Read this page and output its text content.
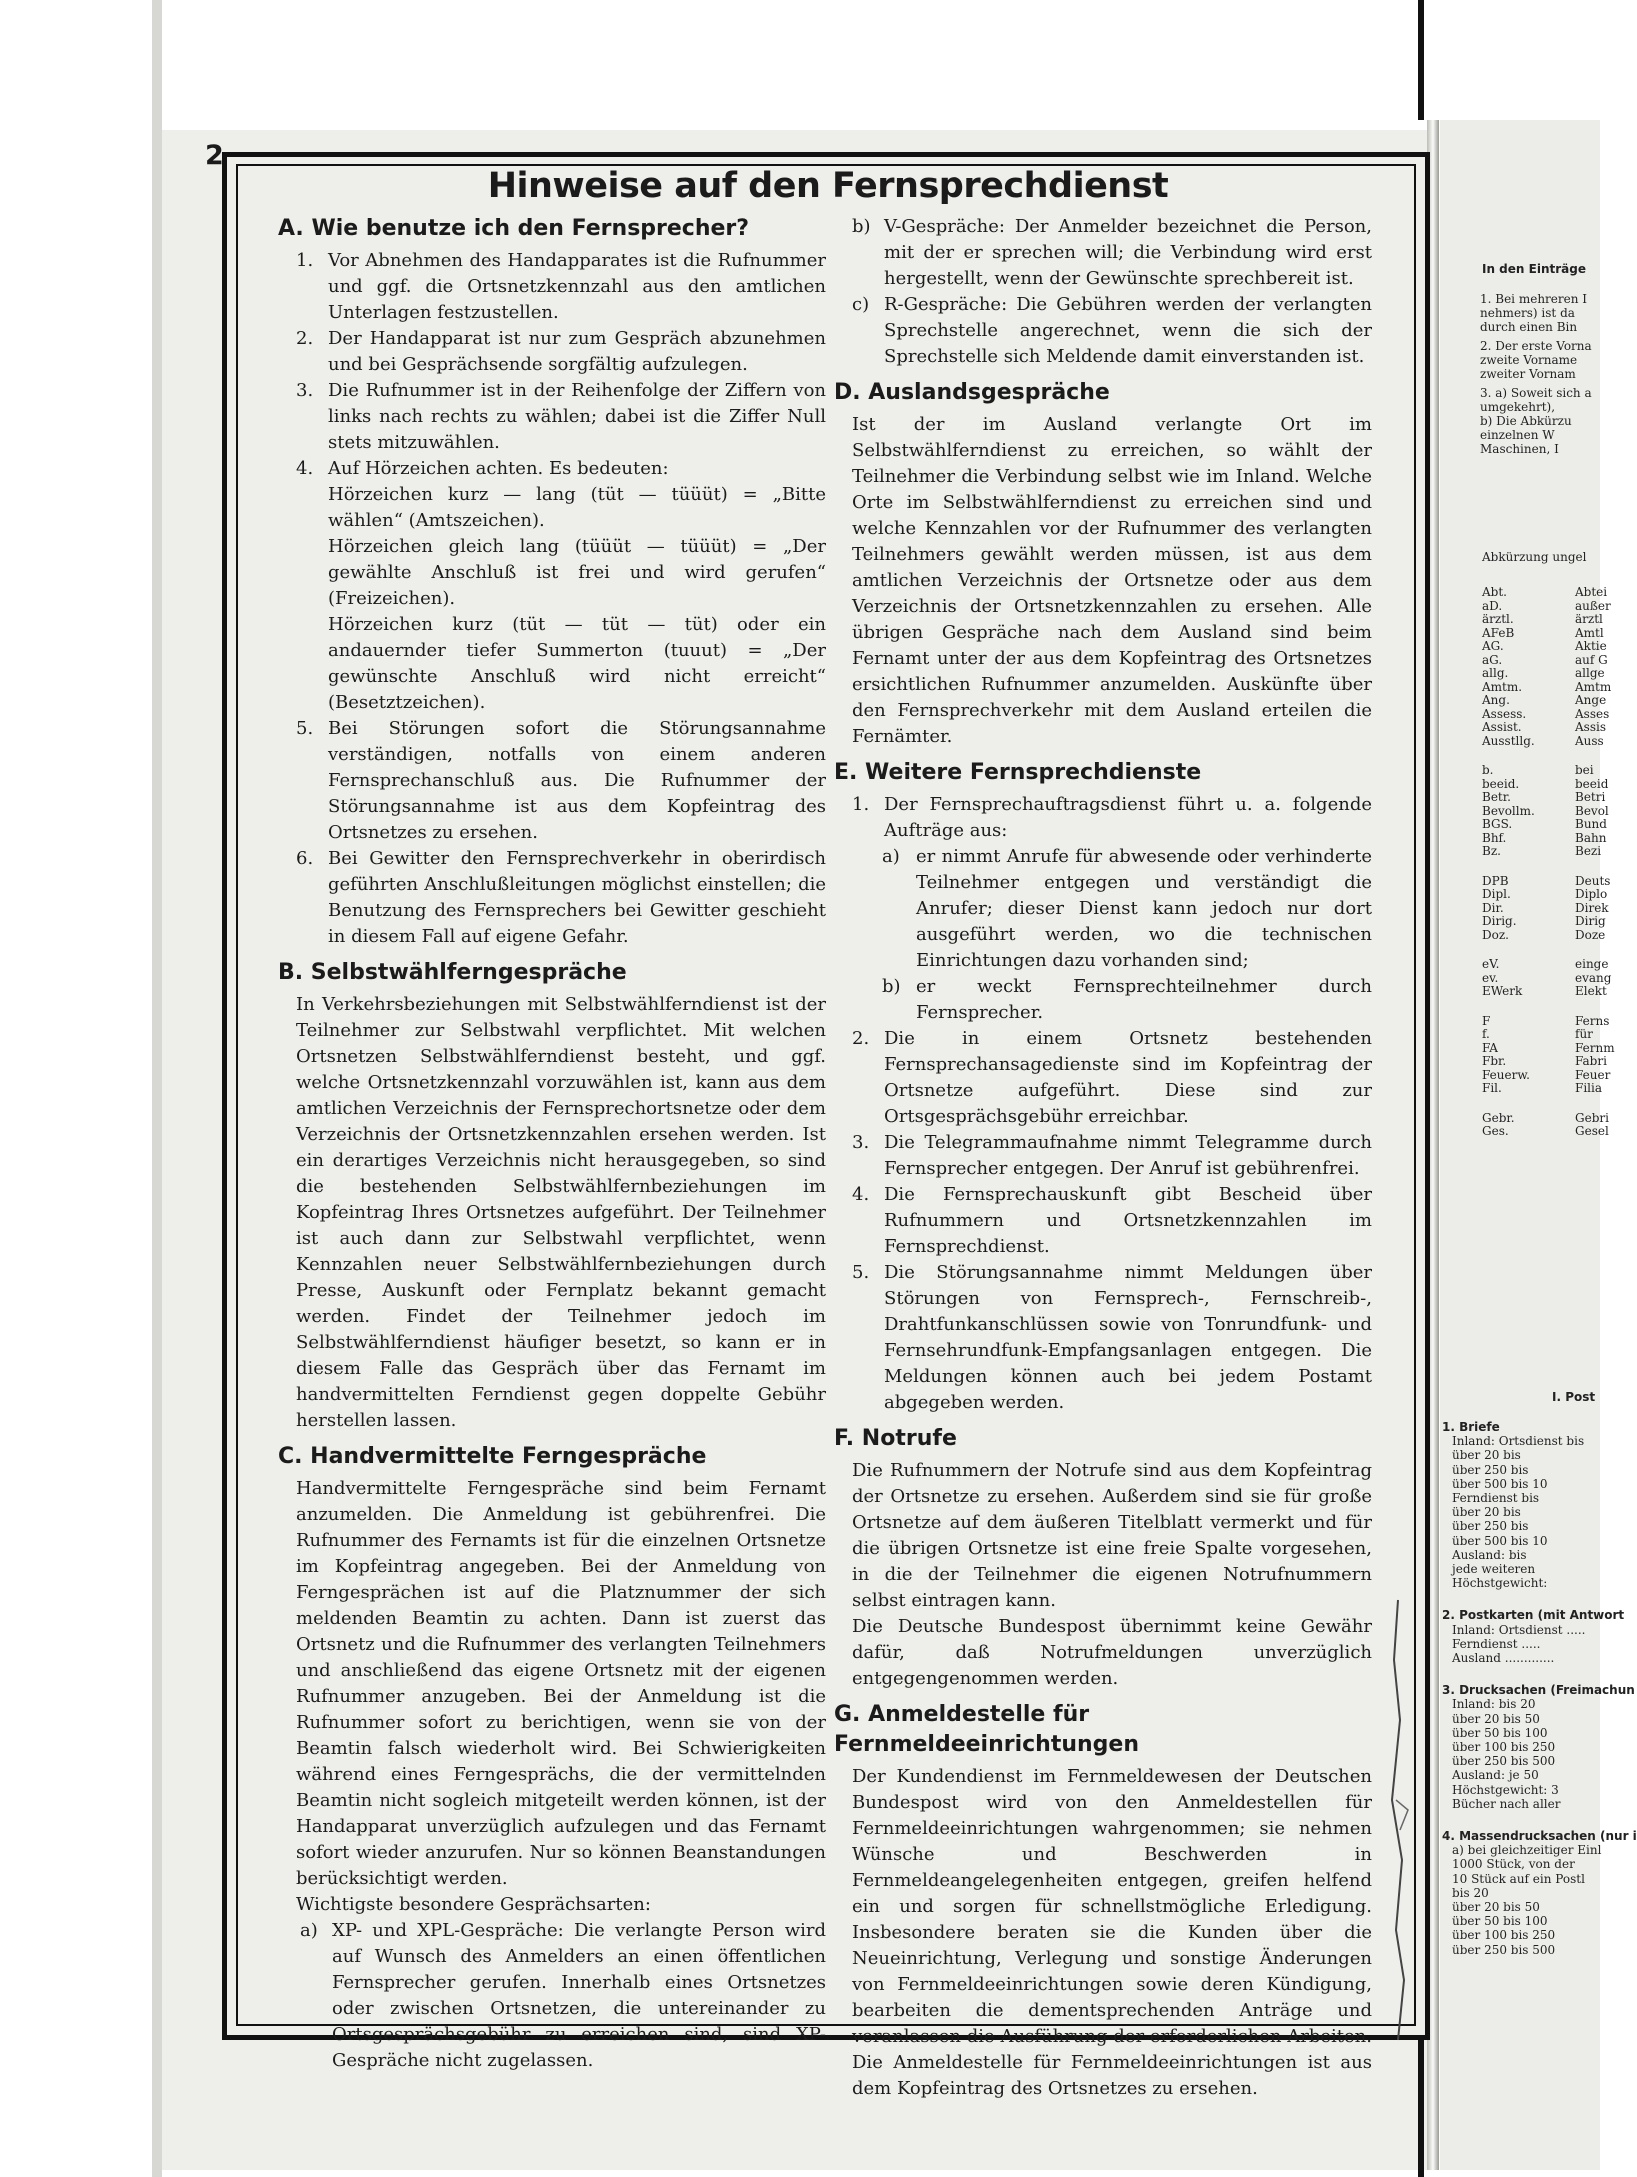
2
Hinweise auf den Fernsprechdienst
A. Wie benutze ich den Fernsprecher?
1. Vor Abnehmen des Handapparates ist die Rufnummer und ggf. die Ortsnetzkennzahl aus den amtlichen Unterlagen festzustellen.
2. Der Handapparat ist nur zum Gespräch abzunehmen und bei Gesprächsende sorgfältig aufzulegen.
3. Die Rufnummer ist in der Reihenfolge der Ziffern von links nach rechts zu wählen; dabei ist die Ziffer Null stets mitzuwählen.
4. Auf Hörzeichen achten. Es bedeuten:

Hörzeichen kurz — lang (tüt — tüüüt) = „Bitte wählen“ (Amtszeichen).

Hörzeichen gleich lang (tüüüt — tüüüt) = „Der gewählte Anschluß ist frei und wird gerufen“ (Freizeichen).

Hörzeichen kurz (tüt — tüt — tüt) oder ein andauernder tiefer Summerton (tuuut) = „Der gewünschte Anschluß wird nicht erreicht“ (Besetztzeichen).

5. Bei Störungen sofort die Störungsannahme verständigen, notfalls von einem anderen Fernsprechanschluß aus. Die Rufnummer der Störungsannahme ist aus dem Kopfeintrag des Ortsnetzes zu ersehen.
6. Bei Gewitter den Fernsprechverkehr in oberirdisch geführten Anschlußleitungen möglichst einstellen; die Benutzung des Fernsprechers bei Gewitter geschieht in diesem Fall auf eigene Gefahr.
B. Selbstwählferngespräche

In Verkehrsbeziehungen mit Selbstwählferndienst ist der Teilnehmer zur Selbstwahl verpflichtet. Mit welchen Ortsnetzen Selbstwählferndienst besteht, und ggf. welche Ortsnetzkennzahl vorzuwählen ist, kann aus dem amtlichen Verzeichnis der Fernsprechortsnetze oder dem Verzeichnis der Ortsnetzkennzahlen ersehen werden. Ist ein derartiges Verzeichnis nicht herausgegeben, so sind die bestehenden Selbstwählfernbeziehungen im Kopfeintrag Ihres Ortsnetzes aufgeführt. Der Teilnehmer ist auch dann zur Selbstwahl verpflichtet, wenn Kennzahlen neuer Selbstwählfernbeziehungen durch Presse, Auskunft oder Fernplatz bekannt gemacht werden. Findet der Teilnehmer jedoch im Selbstwählferndienst häufiger besetzt, so kann er in diesem Falle das Gespräch über das Fernamt im handvermittelten Ferndienst gegen doppelte Gebühr herstellen lassen.

C. Handvermittelte Ferngespräche

Handvermittelte Ferngespräche sind beim Fernamt anzumelden. Die Anmeldung ist gebührenfrei. Die Rufnummer des Fernamts ist für die einzelnen Ortsnetze im Kopfeintrag angegeben. Bei der Anmeldung von Ferngesprächen ist auf die Platznummer der sich meldenden Beamtin zu achten. Dann ist zuerst das Ortsnetz und die Rufnummer des verlangten Teilnehmers und anschließend das eigene Ortsnetz mit der eigenen Rufnummer anzugeben. Bei der Anmeldung ist die Rufnummer sofort zu berichtigen, wenn sie von der Beamtin falsch wiederholt wird. Bei Schwierigkeiten während eines Ferngesprächs, die der vermittelnden Beamtin nicht sogleich mitgeteilt werden können, ist der Handapparat unverzüglich aufzulegen und das Fernamt sofort wieder anzurufen. Nur so können Beanstandungen berücksichtigt werden.

Wichtigste besondere Gesprächsarten:

a) XP- und XPL-Gespräche: Die verlangte Person wird auf Wunsch des Anmelders an einen öffentlichen Fernsprecher gerufen. Innerhalb eines Ortsnetzes oder zwischen Ortsnetzen, die untereinander zu Ortsgesprächsgebühr zu erreichen sind, sind XP-Gespräche nicht zugelassen.
b) V-Gespräche: Der Anmelder bezeichnet die Person, mit der er sprechen will; die Verbindung wird erst hergestellt, wenn der Gewünschte sprechbereit ist.
c) R-Gespräche: Die Gebühren werden der verlangten Sprechstelle angerechnet, wenn die sich der Sprechstelle sich Meldende damit einverstanden ist.
D. Auslandsgespräche

Ist der im Ausland verlangte Ort im Selbstwählferndienst zu erreichen, so wählt der Teilnehmer die Verbindung selbst wie im Inland. Welche Orte im Selbstwählferndienst zu erreichen sind und welche Kennzahlen vor der Rufnummer des verlangten Teilnehmers gewählt werden müssen, ist aus dem amtlichen Verzeichnis der Ortsnetze oder aus dem Verzeichnis der Ortsnetzkennzahlen zu ersehen. Alle übrigen Gespräche nach dem Ausland sind beim Fernamt unter der aus dem Kopfeintrag des Ortsnetzes ersichtlichen Rufnummer anzumelden. Auskünfte über den Fernsprechverkehr mit dem Ausland erteilen die Fernämter.

E. Weitere Fernsprechdienste
1. Der Fernsprechauftragsdienst führt u. a. folgende Aufträge aus:
a) er nimmt Anrufe für abwesende oder verhinderte Teilnehmer entgegen und verständigt die Anrufer; dieser Dienst kann jedoch nur dort ausgeführt werden, wo die technischen Einrichtungen dazu vorhanden sind;
b) er weckt Fernsprechteilnehmer durch Fernsprecher.
2. Die in einem Ortsnetz bestehenden Fernsprechansagedienste sind im Kopfeintrag der Ortsnetze aufgeführt. Diese sind zur Ortsgesprächsgebühr erreichbar.
3. Die Telegrammaufnahme nimmt Telegramme durch Fernsprecher entgegen. Der Anruf ist gebührenfrei.
4. Die Fernsprechauskunft gibt Bescheid über Rufnummern und Ortsnetzkennzahlen im Fernsprechdienst.
5. Die Störungsannahme nimmt Meldungen über Störungen von Fernsprech-, Fernschreib-, Drahtfunkanschlüssen sowie von Tonrundfunk- und Fernsehrundfunk-Empfangsanlagen entgegen. Die Meldungen können auch bei jedem Postamt abgegeben werden.
F. Notrufe

Die Rufnummern der Notrufe sind aus dem Kopfeintrag der Ortsnetze zu ersehen. Außerdem sind sie für große Ortsnetze auf dem äußeren Titelblatt vermerkt und für die übrigen Ortsnetze ist eine freie Spalte vorgesehen, in die der Teilnehmer die eigenen Notrufnummern selbst eintragen kann.

Die Deutsche Bundespost übernimmt keine Gewähr dafür, daß Notrufmeldungen unverzüglich entgegengenommen werden.

G. Anmeldestelle für Fernmeldeeinrichtungen

Der Kundendienst im Fernmeldewesen der Deutschen Bundespost wird von den Anmeldestellen für Fernmeldeeinrichtungen wahrgenommen; sie nehmen Wünsche und Beschwerden in Fernmeldeangelegenheiten entgegen, greifen helfend ein und sorgen für schnellstmögliche Erledigung. Insbesondere beraten sie die Kunden über die Neueinrichtung, Verlegung und sonstige Änderungen von Fernmeldeeinrichtungen sowie deren Kündigung, bearbeiten die dementsprechenden Anträge und veranlassen die Ausführung der erforderlichen Arbeiten. Die Anmeldestelle für Fernmeldeeinrichtungen ist aus dem Kopfeintrag des Ortsnetzes zu ersehen.

In den Einträge
1. Bei mehreren I
nehmers) ist da
durch einen Bin
2. Der erste Vorna
zweite Vorname
zweiter Vornam
3. a) Soweit sich a
umgekehrt),
b) Die Abkürzu
einzelnen W
Maschinen, I
Abkürzung ungel
Abt.	Abtei
aD.	außer
ärztl.	ärztl
AFeB	Amtl
AG.	Aktie
aG.	auf G
allg.	allge
Amtm.	Amtm
Ang.	Ange
Assess.	Asses
Assist.	Assis
Ausstllg.	Auss
b.	bei
beeid.	beeid
Betr.	Betri
Bevollm.	Bevol
BGS.	Bund
Bhf.	Bahn
Bz.	Bezi
DPB	Deuts
Dipl.	Diplo
Dir.	Direk
Dirig.	Dirig
Doz.	Doze
eV.	einge
ev.	evang
EWerk	Elekt
F	Ferns
f.	für
FA	Fernm
Fbr.	Fabri
Feuerw.	Feuer
Fil.	Filia
Gebr.	Gebri
Ges.	Gesel
I. Post
1. Briefe
Inland: Ortsdienst bis
über 20 bis
über 250 bis
über 500 bis 10
Ferndienst bis
über 20 bis
über 250 bis
über 500 bis 10
Ausland: bis
jede weiteren
Höchstgewicht:
2. Postkarten (mit Antwort
Inland: Ortsdienst .....
Ferndienst .....
Ausland .............
3. Drucksachen (Freimachun
Inland: bis 20
über 20 bis 50
über 50 bis 100
über 100 bis 250
über 250 bis 500
Ausland: je 50
Höchstgewicht: 3
Bücher nach aller
4. Massendrucksachen (nur i
a) bei gleichzeitiger Einl
1000 Stück, von der
10 Stück auf ein Postl
bis 20
über 20 bis 50
über 50 bis 100
über 100 bis 250
über 250 bis 500
